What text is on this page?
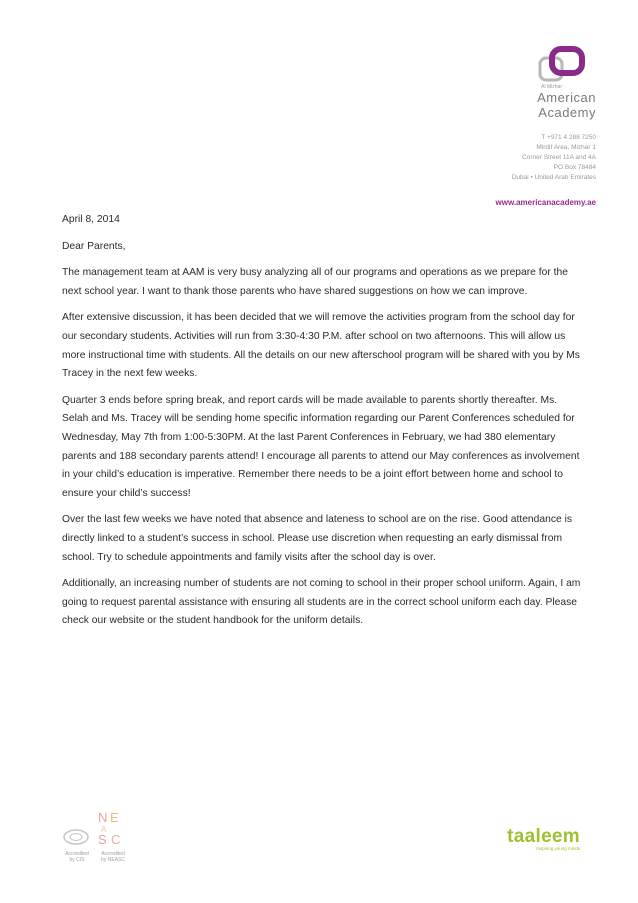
Al Mizhar
American
Academy
T +971 4 288 7250
Mirdif Area, Mizhar 1
Corner Street 11A and 4A
PO Box 78484
Dubai • United Arab Emirates
www.americanacademy.ae

April 8, 2014

Dear Parents,

The management team at AAM is very busy analyzing all of our programs and operations as we prepare for the next school year. I want to thank those parents who have shared suggestions on how we can improve.

After extensive discussion, it has been decided that we will remove the activities program from the school day for our secondary students. Activities will run from 3:30-4:30 P.M. after school on two afternoons. This will allow us more instructional time with students. All the details on our new afterschool program will be shared with you by Ms Tracey in the next few weeks.

Quarter 3 ends before spring break, and report cards will be made available to parents shortly thereafter. Ms. Selah and Ms. Tracey will be sending home specific information regarding our Parent Conferences scheduled for Wednesday, May 7th from 1:00-5:30PM. At the last Parent Conferences in February, we had 380 elementary parents and 188 secondary parents attend! I encourage all parents to attend our May conferences as involvement in your child’s education is imperative. Remember there needs to be a joint effort between home and school to ensure your child’s success!

Over the last few weeks we have noted that absence and lateness to school are on the rise. Good attendance is directly linked to a student’s success in school. Please use discretion when requesting an early dismissal from school. Try to schedule appointments and family visits after the school day is over.

Additionally, an increasing number of students are not coming to school in their proper school uniform. Again, I am going to request parental assistance with ensuring all students are in the correct school uniform each day. Please check our website or the student handbook for the uniform details.

Accredited
by CIS
N E
A
S C
Accredited
by NEASC
taaleem
Inspiring young minds
